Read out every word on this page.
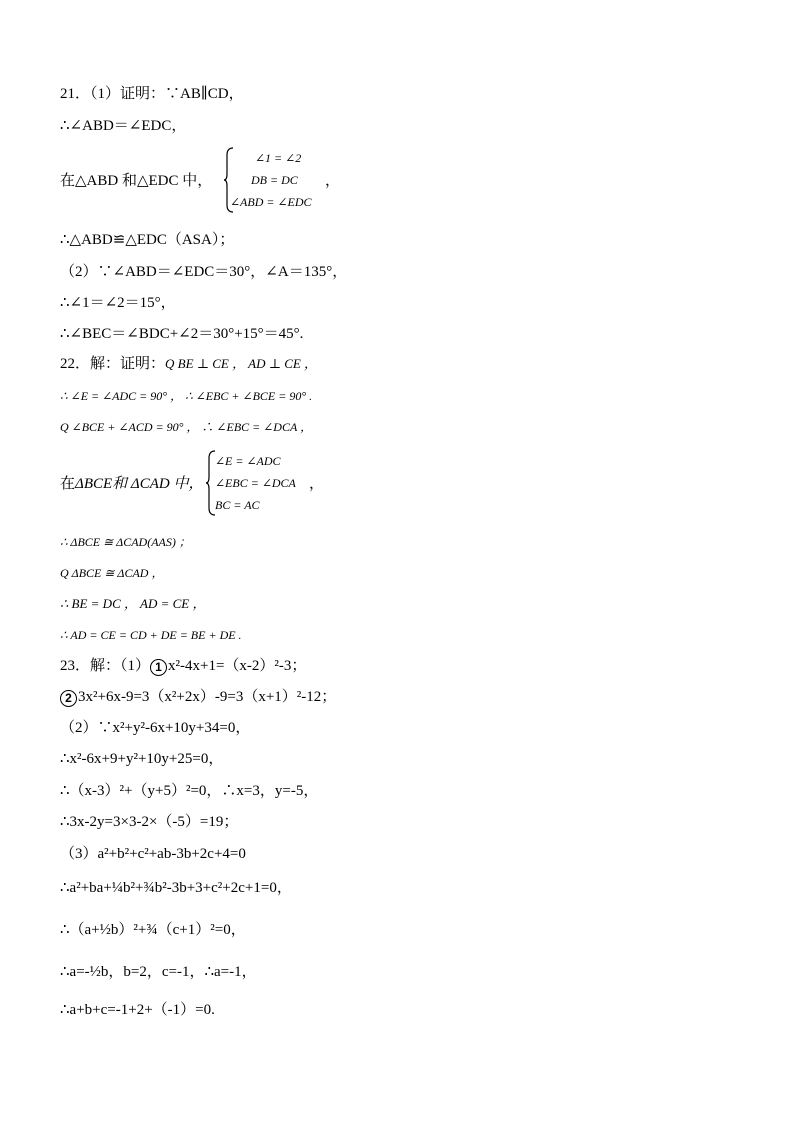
21．（1）证明：∵AB∥CD，
∴∠ABD＝∠EDC，
在△ABD 和△EDC 中，
∠1 = ∠2
DB = DC
∠ABD = ∠EDC
，
∴△ABD≌△EDC（ASA）；
（2）∵∠ABD＝∠EDC＝30°，∠A＝135°，
∴∠1＝∠2＝15°，
∴∠BEC＝∠BDC+∠2＝30°+15°＝45°.
22．解：证明：Q BE ⊥ CE ， AD ⊥ CE ，
∴ ∠E = ∠ADC = 90° ， ∴ ∠EBC + ∠BCE = 90° .
Q ∠BCE + ∠ACD = 90° ， ∴ ∠EBC = ∠DCA ，
在ΔBCE和 ΔCAD 中，
∠E = ∠ADC
∠EBC = ∠DCA
BC = AC
，
∴ ΔBCE ≅ ΔCAD(AAS) ；
Q ΔBCE ≅ ΔCAD ，
∴ BE = DC ， AD = CE ，
∴ AD = CE = CD + DE = BE + DE .
23．解：（1） 1 x²-4x+1=（x-2）²-3；
2 3x²+6x-9=3（x²+2x）-9=3（x+1）²-12；
（2）∵x²+y²-6x+10y+34=0，
∴x²-6x+9+y²+10y+25=0，
∴（x-3）²+（y+5）²=0，∴x=3，y=-5，
∴3x-2y=3×3-2×（-5）=19；
（3）a²+b²+c²+ab-3b+2c+4=0
∴a²+ba+¼b²+¾b²-3b+3+c²+2c+1=0，
∴（a+½b）²+¾（c+1）²=0，
∴a=-½b，b=2，c=-1，∴a=-1，
∴a+b+c=-1+2+（-1）=0.
